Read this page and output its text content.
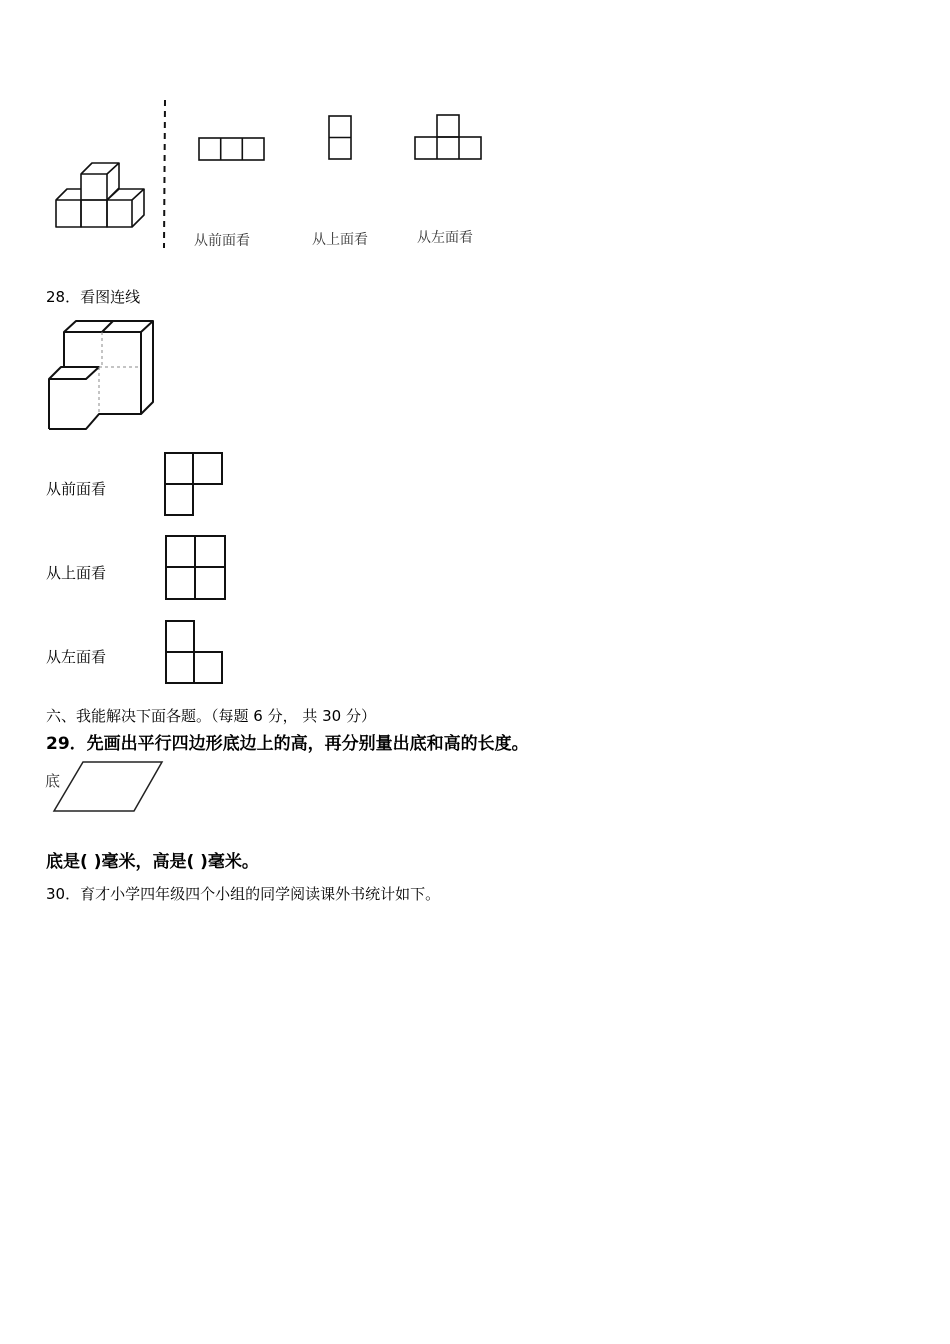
从前面看	从上面看	从左面看
28．看图连线
从前面看
从上面看
从左面看
六、我能解决下面各题。（每题 6 分， 共 30 分）
29．先画出平行四边形底边上的高，再分别量出底和高的长度。
底
底是( )毫米，高是( )毫米。
30．育才小学四年级四个小组的同学阅读课外书统计如下。
